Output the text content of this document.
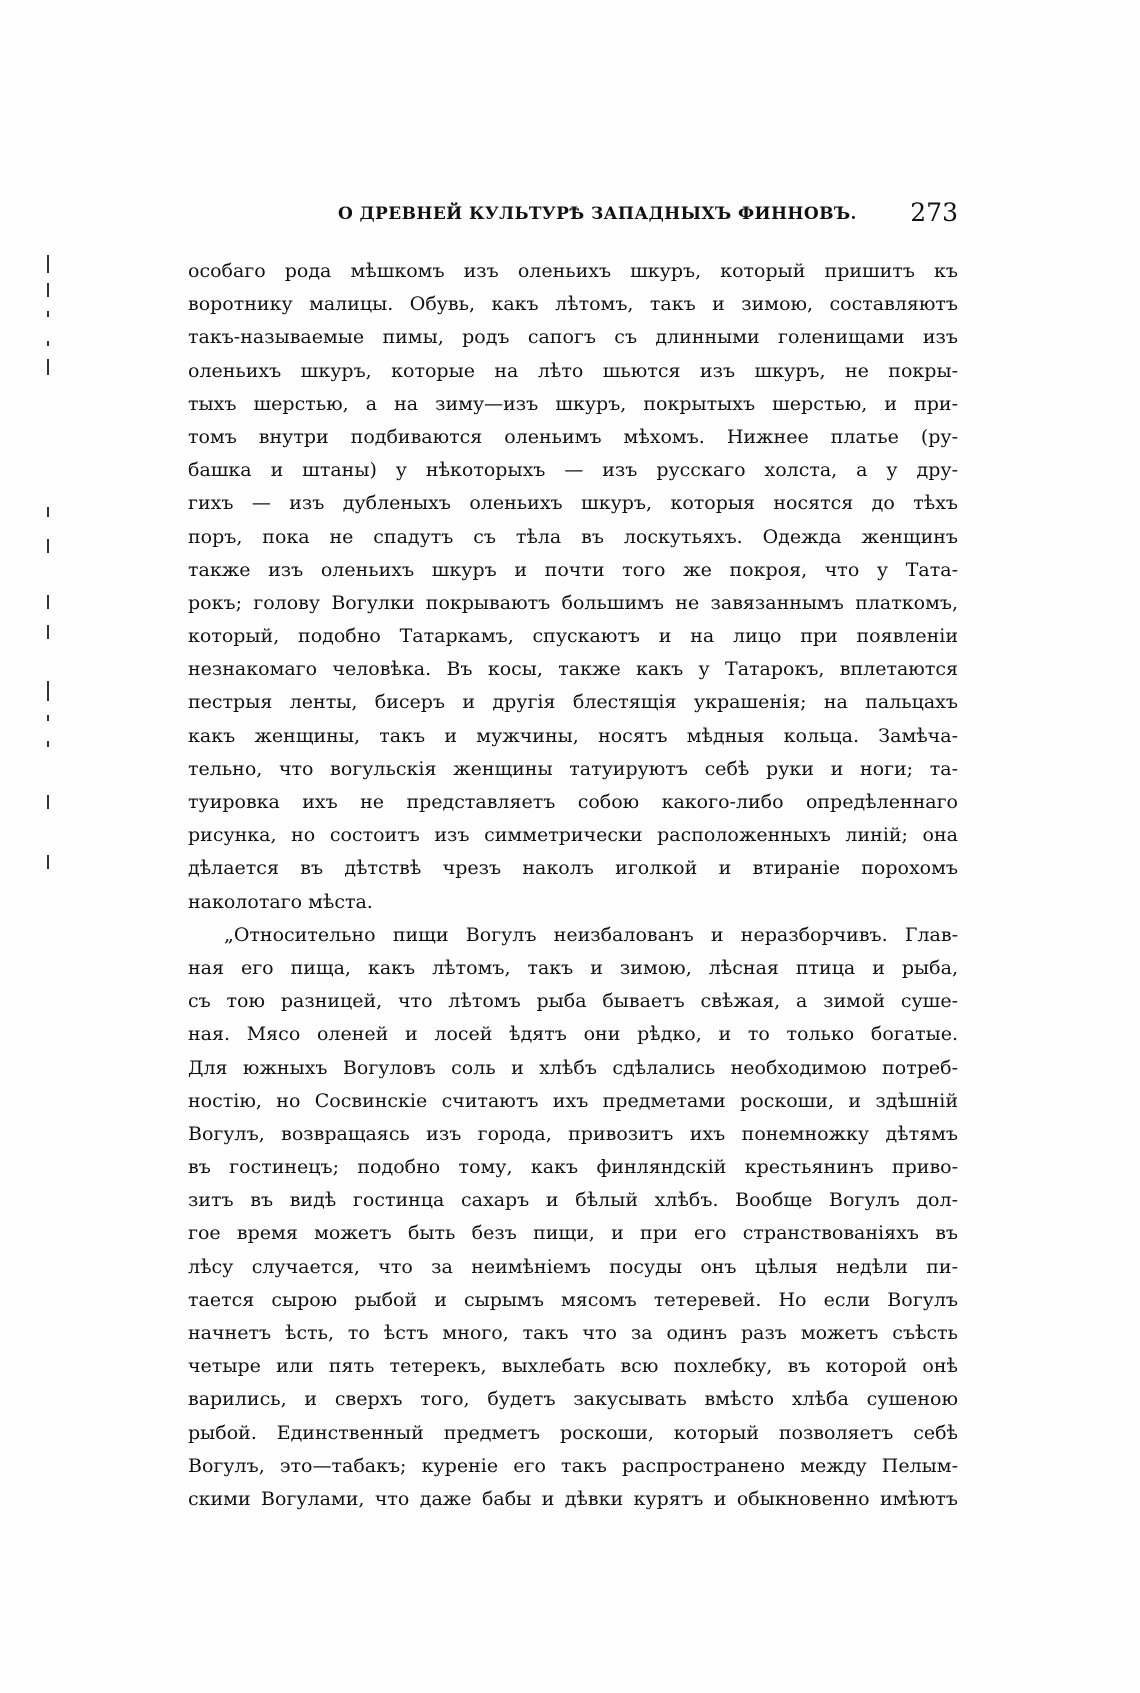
О ДРЕВНЕЙ КУЛЬТУРѢ ЗАПАДНЫХЪ ФИННОВЪ. 273
особаго рода мѣшкомъ изъ оленьихъ шкуръ, который пришитъ къ
воротнику малицы. Обувь, какъ лѣтомъ, такъ и зимою, составляютъ
такъ-называемые пимы, родъ сапогъ съ длинными голенищами изъ
оленьихъ шкуръ, которые на лѣто шьются изъ шкуръ, не покры-
тыхъ шерстью, а на зиму—изъ шкуръ, покрытыхъ шерстью, и при-
томъ внутри подбиваются оленьимъ мѣхомъ. Нижнее платье (ру-
башка и штаны) у нѣкоторыхъ — изъ русскаго холста, а у дру-
гихъ — изъ дубленыхъ оленьихъ шкуръ, которыя носятся до тѣхъ
поръ, пока не спадутъ съ тѣла въ лоскутьяхъ. Одежда женщинъ
также изъ оленьихъ шкуръ и почти того же покроя, что у Тата-
рокъ; голову Вогулки покрываютъ большимъ не завязаннымъ платкомъ,
который, подобно Татаркамъ, спускаютъ и на лицо при появленіи
незнакомаго человѣка. Въ косы, также какъ у Татарокъ, вплетаются
пестрыя ленты, бисеръ и другія блестящія украшенія; на пальцахъ
какъ женщины, такъ и мужчины, носятъ мѣдныя кольца. Замѣча-
тельно, что вогульскія женщины татуируютъ себѣ руки и ноги; та-
туировка ихъ не представляетъ собою какого-либо опредѣленнаго
рисунка, но состоитъ изъ симметрически расположенныхъ линій; она
дѣлается въ дѣтствѣ чрезъ наколъ иголкой и втираніе порохомъ
наколотаго мѣста.
„Относительно пищи Вогулъ неизбалованъ и неразборчивъ. Глав-
ная его пища, какъ лѣтомъ, такъ и зимою, лѣсная птица и рыба,
съ тою разницей, что лѣтомъ рыба бываетъ свѣжая, а зимой суше-
ная. Мясо оленей и лосей ѣдятъ они рѣдко, и то только богатые.
Для южныхъ Вогуловъ соль и хлѣбъ сдѣлались необходимою потреб-
ностію, но Сосвинскіе считаютъ ихъ предметами роскоши, и здѣшній
Вогулъ, возвращаясь изъ города, привозитъ ихъ понемножку дѣтямъ
въ гостинецъ; подобно тому, какъ финляндскій крестьянинъ приво-
зитъ въ видѣ гостинца сахаръ и бѣлый хлѣбъ. Вообще Вогулъ дол-
гое время можетъ быть безъ пищи, и при его странствованіяхъ въ
лѣсу случается, что за неимѣніемъ посуды онъ цѣлыя недѣли пи-
тается сырою рыбой и сырымъ мясомъ тетеревей. Но если Вогулъ
начнетъ ѣсть, то ѣстъ много, такъ что за одинъ разъ можетъ съѣсть
четыре или пять тетерекъ, выхлебать всю похлебку, въ которой онѣ
варились, и сверхъ того, будетъ закусывать вмѣсто хлѣба сушеною
рыбой. Единственный предметъ роскоши, который позволяетъ себѣ
Вогулъ, это—табакъ; куреніе его такъ распространено между Пелым-
скими Вогулами, что даже бабы и дѣвки курятъ и обыкновенно имѣютъ
